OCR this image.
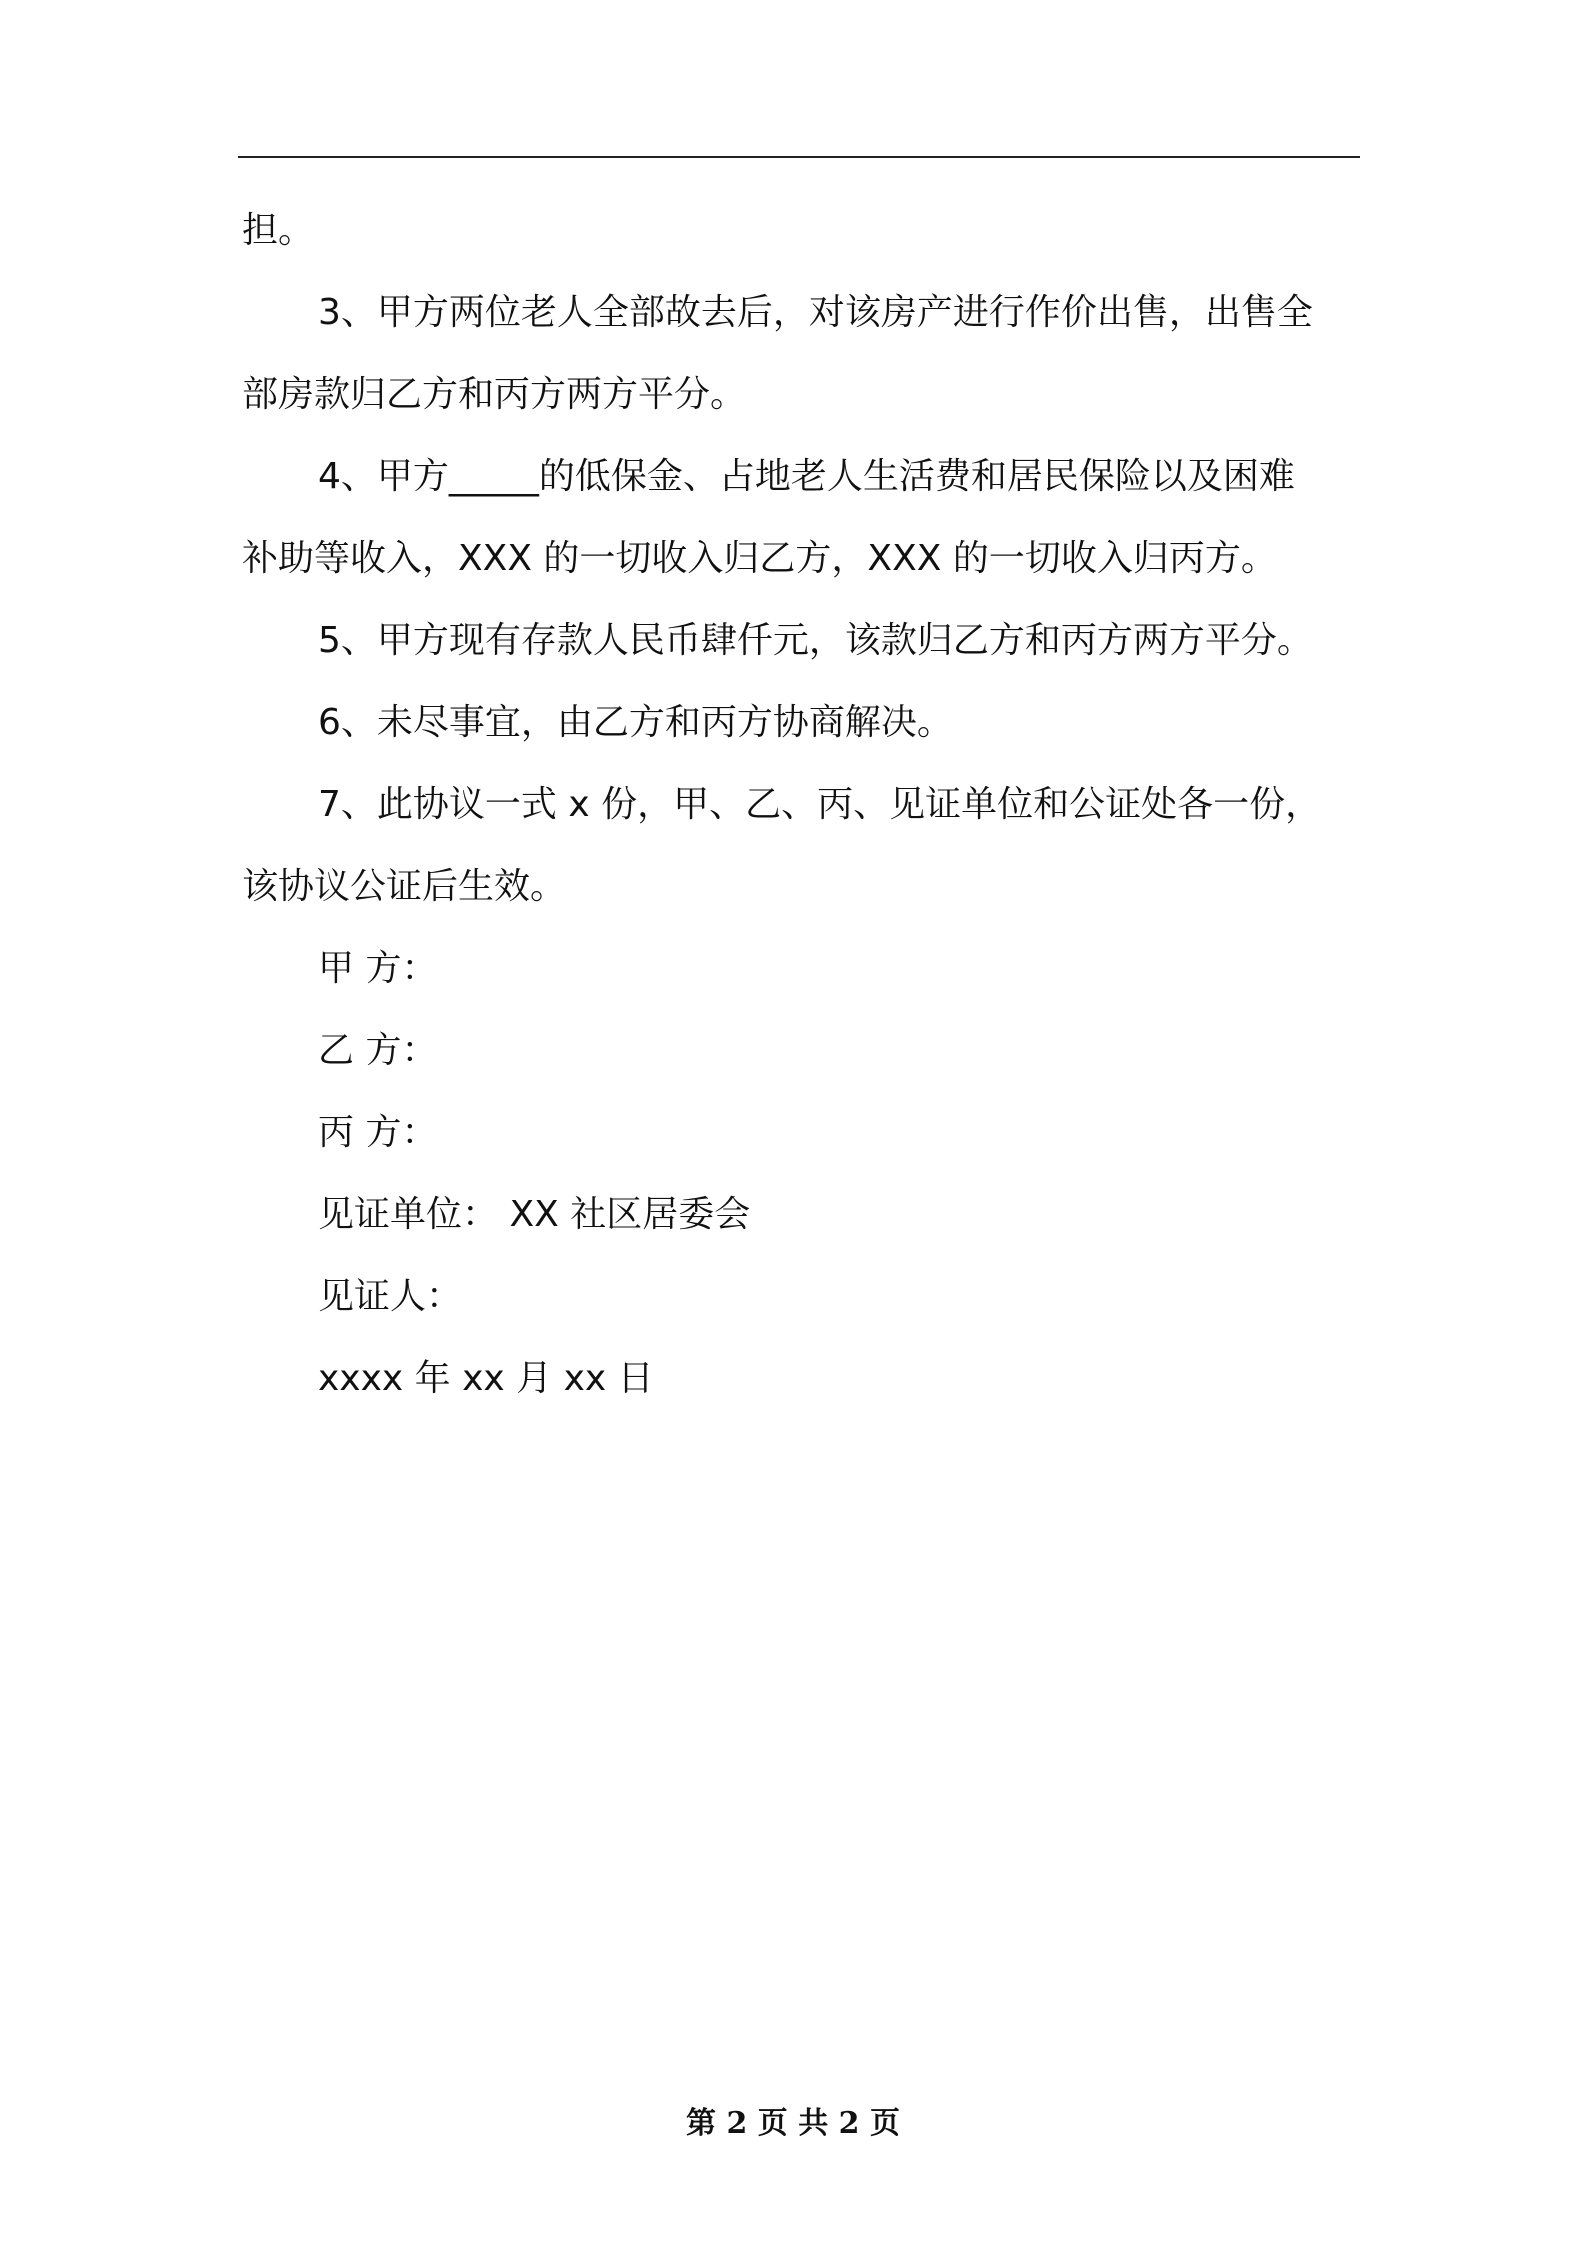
担。
3、甲方两位老人全部故去后，对该房产进行作价出售，出售全
部房款归乙方和丙方两方平分。
4、甲方_____的低保金、占地老人生活费和居民保险以及困难
补助等收入，XXX 的一切收入归乙方，XXX 的一切收入归丙方。
5、甲方现有存款人民币肆仟元，该款归乙方和丙方两方平分。
6、未尽事宜，由乙方和丙方协商解决。
7、此协议一式 x 份，甲、乙、丙、见证单位和公证处各一份，
该协议公证后生效。
甲 方：
乙 方：
丙 方：
见证单位： XX 社区居委会
见证人：
xxxx 年 xx 月 xx 日
第 2 页 共 2 页
